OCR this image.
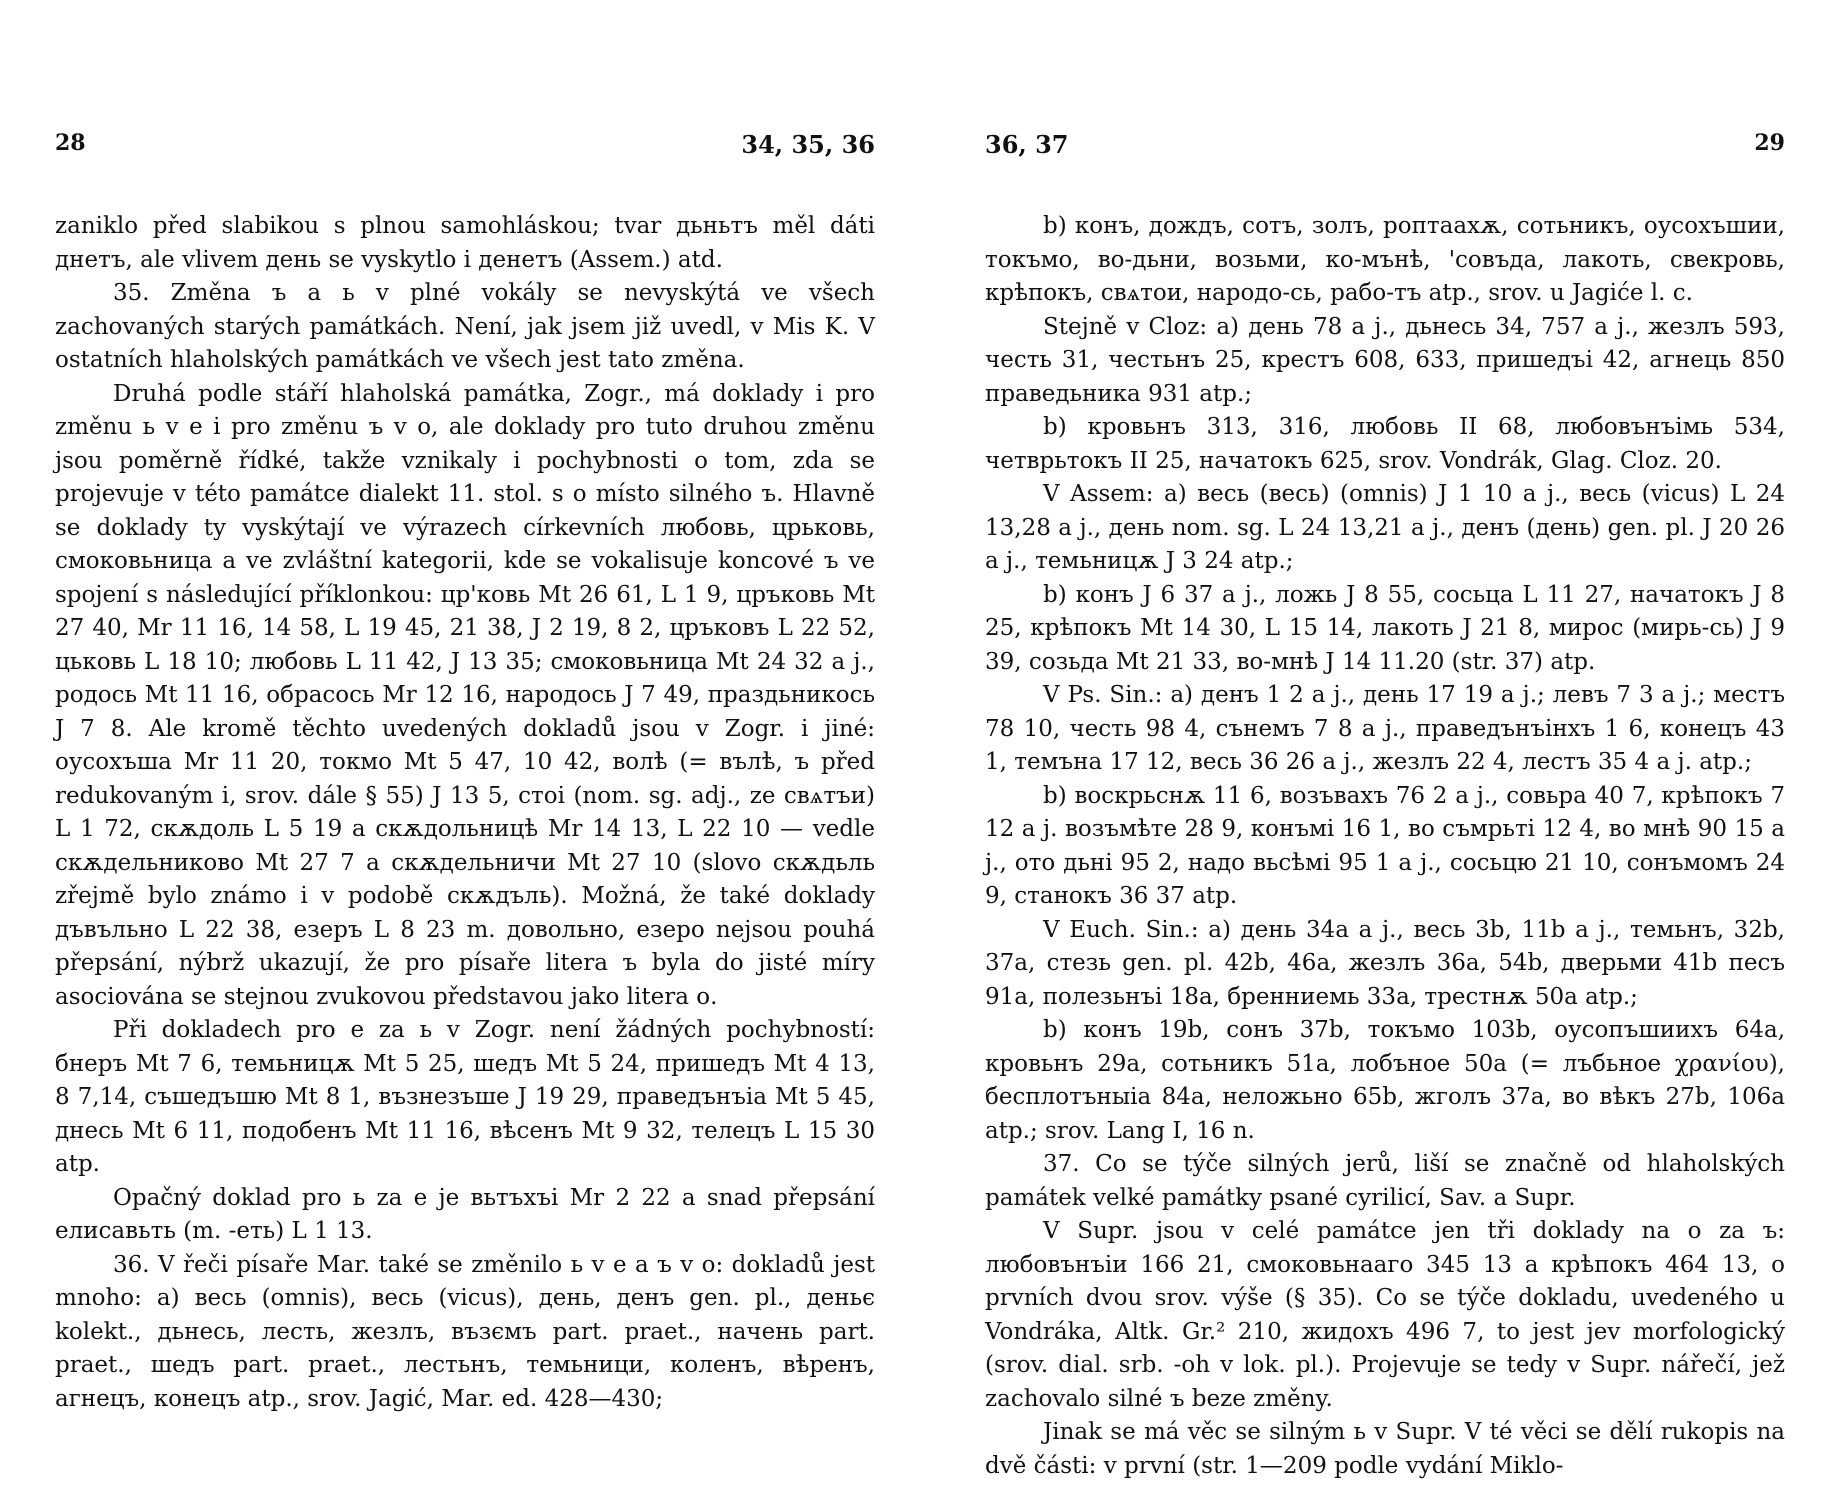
28	34, 35, 36

zaniklo před slabikou s plnou samohláskou; tvar дьньтъ měl dáti днетъ, ale vlivem день se vyskytlo i денетъ (Assem.) atd.

35. Změna ъ a ь v plné vokály se nevyskýtá ve všech zachovaných starých památkách. Není, jak jsem již uvedl, v Mis K. V ostatních hlaholských památkách ve všech jest tato změna.

Druhá podle stáří hlaholská památka, Zogr., má doklady i pro změnu ь v e i pro změnu ъ v o, ale doklady pro tuto druhou změnu jsou poměrně řídké, takže vznikaly i pochybnosti o tom, zda se projevuje v této památce dialekt 11. stol. s o místo silného ъ. Hlavně se doklady ty vyskýtají ve výrazech církevních любовь, црьковь, смоковьница a ve zvláštní kategorii, kde se vokalisuje koncové ъ ve spojení s následující příklonkou: цр'ковь Mt 26 61, L 1 9, цръковь Mt 27 40, Mr 11 16, 14 58, L 19 45, 21 38, J 2 19, 8 2, цръковъ L 22 52, цьковь L 18 10; любовь L 11 42, J 13 35; смоковьница Mt 24 32 a j., родось Mt 11 16, обрасось Mr 12 16, народось J 7 49, праздьникось J 7 8. Ale kromě těchto uvedených dokladů jsou v Zogr. i jiné: оусохъша Mr 11 20, токмо Mt 5 47, 10 42, волѣ (= вълѣ, ъ před redukovaným і, srov. dále § 55) J 13 5, стоі (nom. sg. adj., ze свѧтъи) L 1 72, скѫдоль L 5 19 a скѫдольницѣ Mr 14 13, L 22 10 — vedle скѫдельниково Mt 27 7 a скѫдельничи Mt 27 10 (slovo скѫдьль zřejmě bylo známo i v podobě скѫдъль). Možná, že také doklady дъвъльно L 22 38, езеръ L 8 23 m. довольно, езеро nejsou pouhá přepsání, nýbrž ukazují, že pro písaře litera ъ byla do jisté míry asociována se stejnou zvukovou představou jako litera о.

Při dokladech pro е za ь v Zogr. není žádných pochybností: бнеръ Mt 7 6, темьницѫ Mt 5 25, шедъ Mt 5 24, пришедъ Mt 4 13, 8 7,14, съшедъшю Mt 8 1, възнезъше J 19 29, праведънъіа Mt 5 45, днесь Mt 6 11, подобенъ Mt 11 16, вѣсенъ Mt 9 32, телецъ L 15 30 atp.

Opačný doklad pro ь za е je вьтъхъі Mr 2 22 a snad přepsání елисавьть (m. -еть) L 1 13.

36. V řeči písaře Mar. také se změnilo ь v e a ъ v o: dokladů jest mnoho: a) весь (omnis), весь (vicus), день, денъ gen. pl., деньє kolekt., дьнесь, лесть, жезлъ, възємъ part. praet., начень part. praet., шедъ part. praet., лестьнъ, темьници, коленъ, вѣренъ, агнецъ, конецъ atp., srov. Jagić, Mar. ed. 428—430;

36, 37	29

b) конъ, дождъ, сотъ, золъ, роптаахѫ, сотьникъ, оусохъшии, токъмо, во-дьни, возьми, ко-мънѣ, 'совъда, лакоть, свекровь, крѣпокъ, свѧтои, народо-сь, рабо-тъ atp., srov. u Jagiće l. c.

Stejně v Cloz: a) день 78 a j., дьнесь 34, 757 a j., жезлъ 593, честь 31, честьнъ 25, крестъ 608, 633, пришедъі 42, агнець 850 праведьника 931 atp.;

b) кровьнъ 313, 316, любовь II 68, любовънъімь 534, четврьтокъ II 25, начатокъ 625, srov. Vondrák, Glag. Cloz. 20.

V Assem: a) весь (весь) (omnis) J 1 10 a j., весь (vicus) L 24 13,28 a j., день nom. sg. L 24 13,21 a j., денъ (день) gen. pl. J 20 26 a j., темьницѫ J 3 24 atp.;

b) конъ J 6 37 a j., ложь J 8 55, сосьца L 11 27, начатокъ J 8 25, крѣпокъ Mt 14 30, L 15 14, лакоть J 21 8, мирос (мирь-сь) J 9 39, созьда Mt 21 33, во-мнѣ J 14 11.20 (str. 37) atp.

V Ps. Sin.: a) денъ 1 2 a j., день 17 19 a j.; левъ 7 3 a j.; местъ 78 10, честь 98 4, сънемъ 7 8 a j., праведънъінхъ 1 6, конецъ 43 1, темъна 17 12, весь 36 26 a j., жезлъ 22 4, лестъ 35 4 a j. atp.;

b) воскрьснѫ 11 6, возъвахъ 76 2 a j., совьра 40 7, крѣпокъ 7 12 a j. возъмѣте 28 9, конъмі 16 1, во съмрьті 12 4, во мнѣ 90 15 a j., ото дьні 95 2, надо вьсѣмі 95 1 a j., сосьцю 21 10, сонъмомъ 24 9, станокъ 36 37 atp.

V Euch. Sin.: a) день 34a a j., весь 3b, 11b a j., темьнъ, 32b, 37a, стезь gen. pl. 42b, 46a, жезлъ 36a, 54b, дверьми 41b песъ 91a, полезьнъі 18a, бренниемь 33a, трестнѫ 50a atp.;

b) конъ 19b, сонъ 37b, токъмо 103b, оусопъшиихъ 64a, кровьнъ 29a, сотьникъ 51a, лобъное 50a (= лъбьное χρανίου), бесплотъныіа 84a, неложьно 65b, жголъ 37a, во вѣкъ 27b, 106a atp.; srov. Lang I, 16 n.

37. Co se týče silných jerů, liší se značně od hlaholských památek velké památky psané cyrilicí, Sav. a Supr.

V Supr. jsou v celé památce jen tři doklady na о za ъ: любовънъіи 166 21, смоковьнааго 345 13 a крѣпокъ 464 13, o prvních dvou srov. výše (§ 35). Co se týče dokladu, uvedeného u Vondráka, Altk. Gr.² 210, жидохъ 496 7, to jest jev morfologický (srov. dial. srb. -oh v lok. pl.). Projevuje se tedy v Supr. nářečí, jež zachovalo silné ъ beze změny.

Jinak se má věc se silným ь v Supr. V té věci se dělí rukopis na dvě části: v první (str. 1—209 podle vydání Miklo-
